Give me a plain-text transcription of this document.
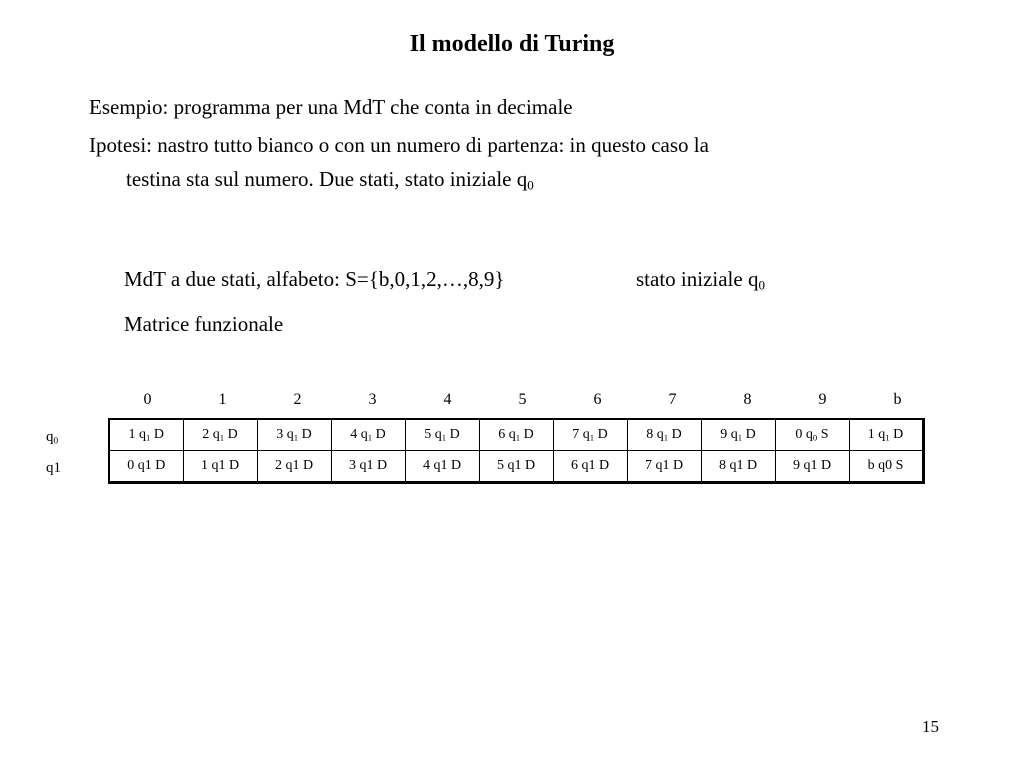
Il modello di Turing

Esempio: programma per una MdT che conta in decimale

Ipotesi: nastro tutto bianco o con un numero di partenza: in questo caso la

testina sta sul numero. Due stati, stato iniziale $q_0$

MdT a due stati, alfabeto: S={b,0,1,2,…,8,9}	stato iniziale $q_0$

Matrice funzionale

0	1	2	3	4	5	6	7	8	9	b
$q_0$
q1
1 $q_1$ D	2 $q_1$ D	3 $q_1$ D	4 $q_1$ D	5 $q_1$ D	6 $q_1$ D	7 $q_1$ D	8 $q_1$ D	9 $q_1$ D	0 $q_0$ S	1 $q_1$ D
0 q1 D	1 q1 D	2 q1 D	3 q1 D	4 q1 D	5 q1 D	6 q1 D	7 q1 D	8 q1 D	9 q1 D	b q0 S
15
